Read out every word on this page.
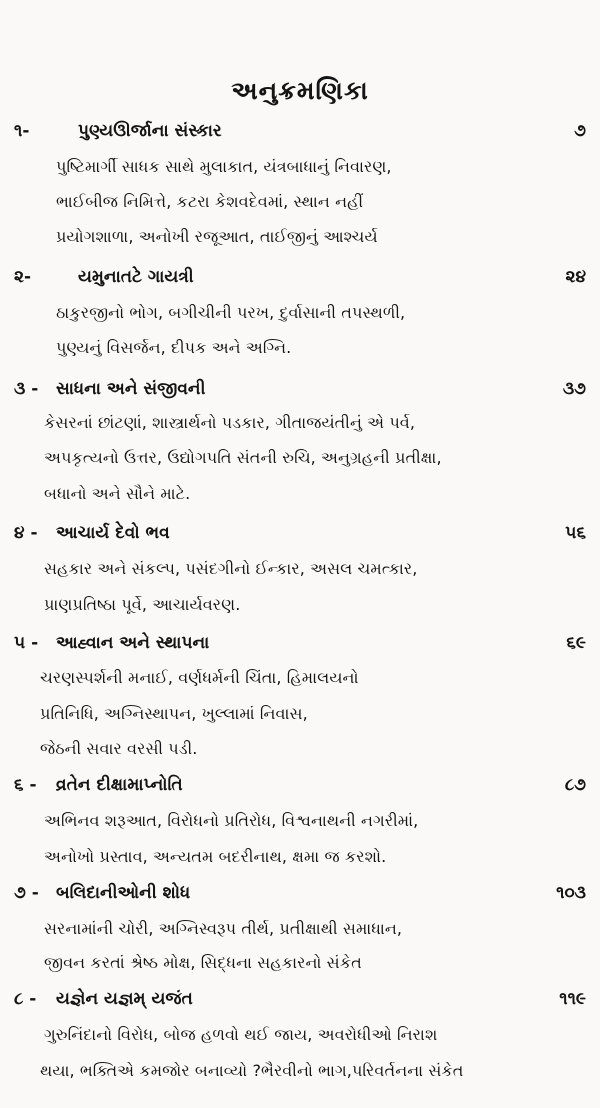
અનુક્રમણિકા
૧-	પુણ્યઊર્જાના સંસ્કાર	૭
પુષ્ટિમાર્ગી સાધક સાથે મુલાકાત, યંત્રબાધાનું નિવારણ,
ભાઈબીજ નિમિત્તે, કટરા કેશવદેવમાં, સ્થાન નહીં
પ્રયોગશાળા, અનોખી રજૂઆત, તાઈજીનું આશ્ચર્ય
૨-	યમુનાતટે ગાયત્રી	૨૪
ઠાકુરજીનો ભોગ, બગીચીની પરખ, દુર્વાસાની તપસ્થળી,
પુણ્યનું વિસર્જન, દીપક અને અગ્નિ.
૩ - સાધના અને સંજીવની	૩૭
કેસરનાં છાંટણાં, શાસ્ત્રાર્થનો પડકાર, ગીતાજયંતીનું એ પર્વ,
અપકૃત્યનો ઉત્તર, ઉદ્યોગપતિ સંતની રુચિ, અનુગ્રહની પ્રતીક્ષા,
બધાનો અને સૌને માટે.
૪ - આચાર્ય દેવો ભવ	૫૬
સહકાર અને સંકલ્પ, પસંદગીનો ઈન્કાર, અસલ ચમત્કાર,
પ્રાણપ્રતિષ્ઠા પૂર્વે, આચાર્યવરણ.
૫ - આહ્વાન અને સ્થાપના	૬૯
ચરણસ્પર્શની મનાઈ, વર્ણધર્મની ચિંતા, હિમાલયનો
પ્રતિનિધિ, અગ્નિસ્થાપન, ખુલ્લામાં નિવાસ,
જેઠની સવાર વરસી પડી.
૬ - વ્રતેન દીક્ષામાપ્નોતિ	૮૭
અભિનવ શરૂઆત, વિરોધનો પ્રતિરોધ, વિશ્વનાથની નગરીમાં,
અનોખો પ્રસ્તાવ, અન્યતમ બદરીનાથ, ક્ષમા જ કરશો.
૭ - બલિદાનીઓની શોધ	૧૦૩
સરનામાંની ચોરી, અગ્નિસ્વરૂપ તીર્થ, પ્રતીક્ષાથી સમાધાન,
જીવન કરતાં શ્રેષ્ઠ મોક્ષ, સિદ્ધના સહકારનો સંકેત
૮ - યજ્ઞેન યજ્ઞમ્ યજંત	૧૧૯
ગુરુનિંદાનો વિરોધ, બોજ હળવો થઈ જાય, અવરોધીઓ નિરાશ
થયા, ભક્તિએ કમજોર બનાવ્યો ?ભૈરવીનો ભાગ,પરિવર્તનના સંકેત
